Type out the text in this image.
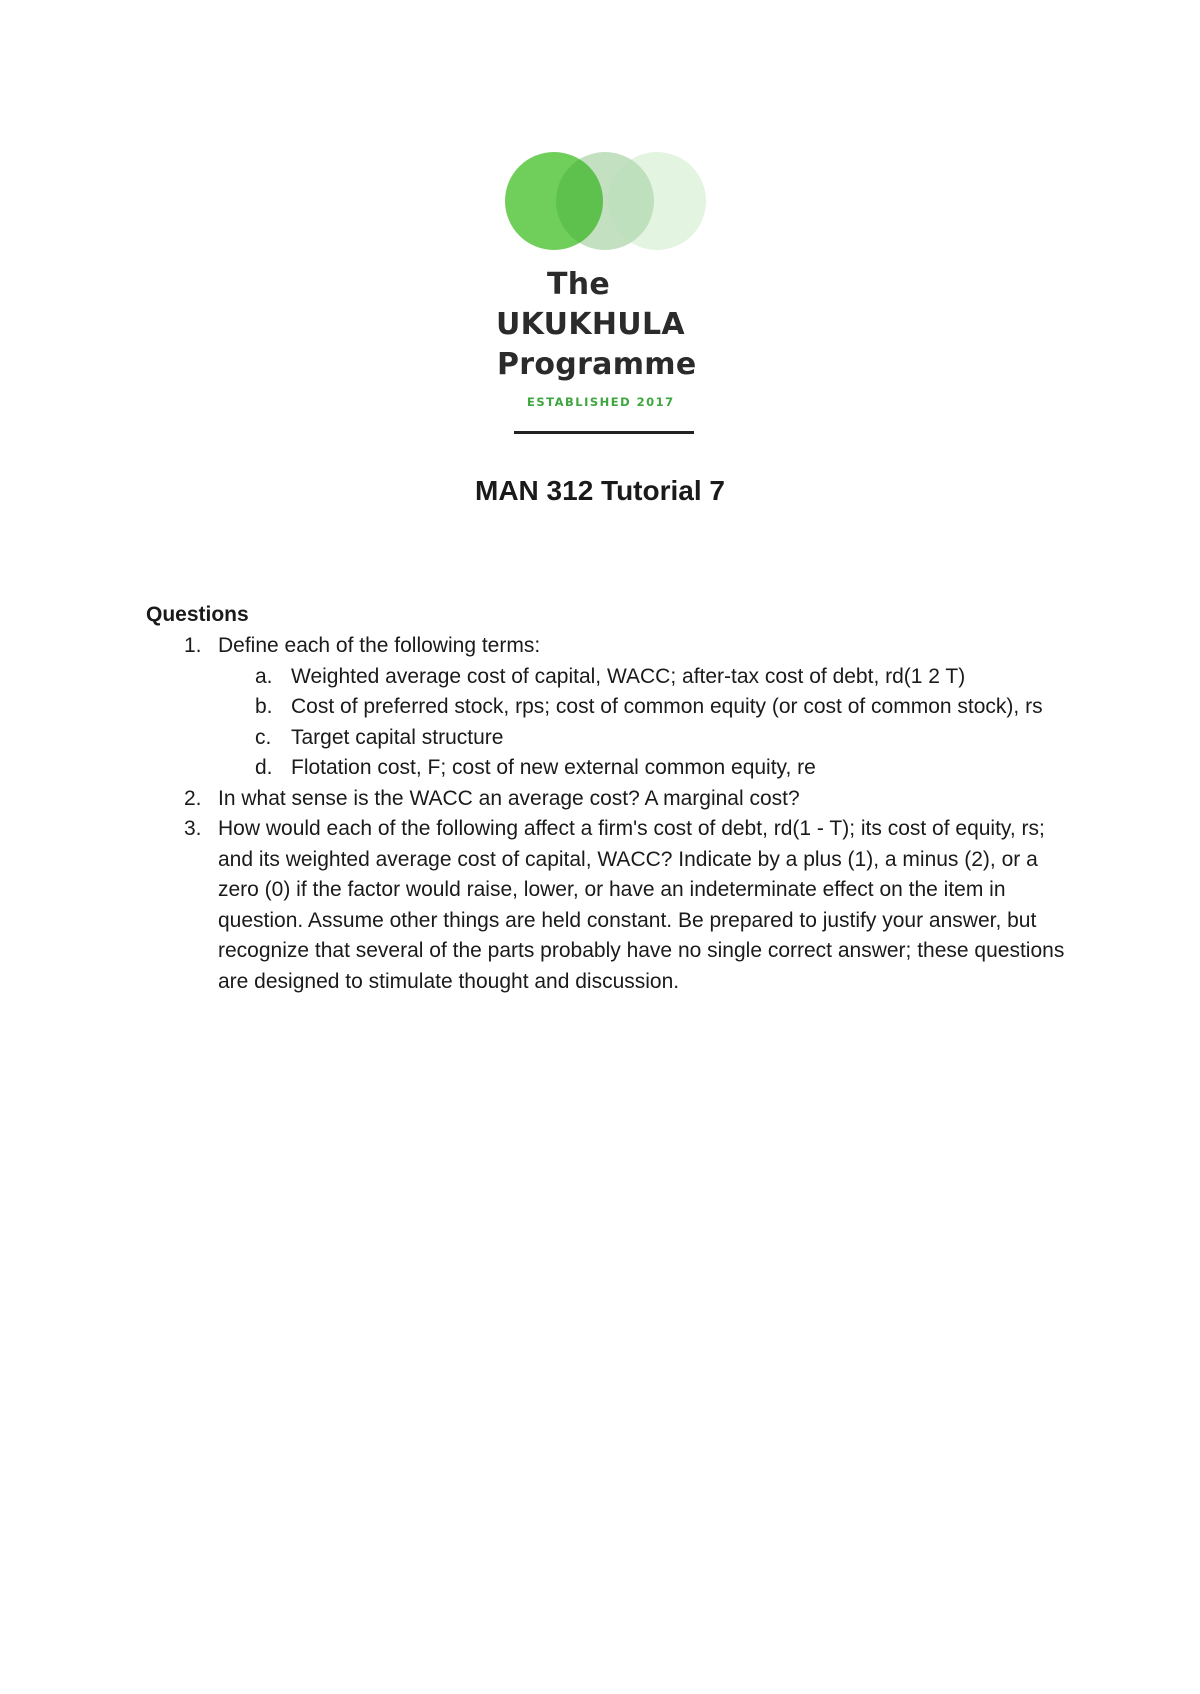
The
UKUKHULA
Programme
ESTABLISHED 2017
MAN 312 Tutorial 7
Questions
1. Define each of the following terms:
a. Weighted average cost of capital, WACC; after-tax cost of debt, rd(1 2 T)
b. Cost of preferred stock, rps; cost of common equity (or cost of common stock), rs
c. Target capital structure
d. Flotation cost, F; cost of new external common equity, re
2. In what sense is the WACC an average cost? A marginal cost?
3. How would each of the following affect a firm's cost of debt, rd(1 - T); its cost of equity, rs; and its weighted average cost of capital, WACC? Indicate by a plus (1), a minus (2), or a zero (0) if the factor would raise, lower, or have an indeterminate effect on the item in question. Assume other things are held constant. Be prepared to justify your answer, but recognize that several of the parts probably have no single correct answer; these questions are designed to stimulate thought and discussion.
